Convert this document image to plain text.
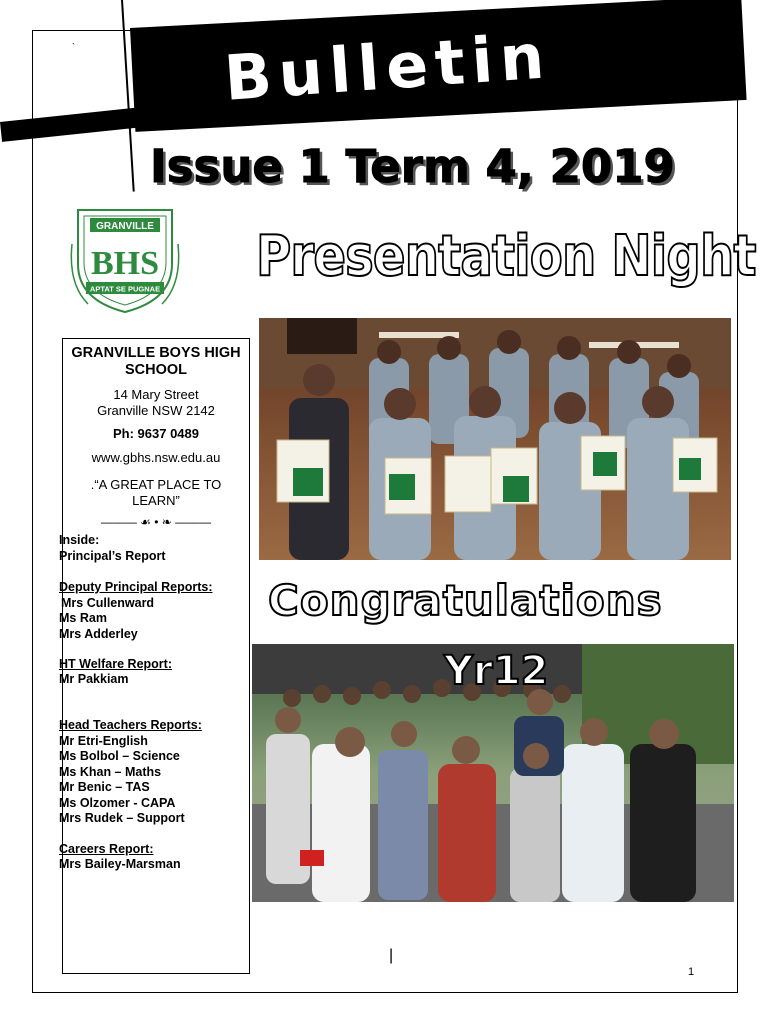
` Bulletin
Issue 1 Term 4, 2019
GRANVILLE
BHS
APTAT SE PUGNAE Presentation Night
Congratulations
Yr12
GRANVILLE BOYS HIGH SCHOOL
14 Mary Street
Granville NSW 2142
Ph: 9637 0489
www.gbhs.nsw.edu.au
.“A GREAT PLACE TO LEARN”
——— ☙ • ❧ ———
Inside:
Principal’s Report
Deputy Principal Reports:
Mrs Cullenward
Ms Ram
Mrs Adderley
HT Welfare Report:
Mr Pakkiam
Head Teachers Reports:
Mr Etri-English
Ms Bolbol – Science
Ms Khan – Maths
Mr Benic – TAS
Ms Olzomer - CAPA
Mrs Rudek – Support
Careers Report:
Mrs Bailey-Marsman
|
1
